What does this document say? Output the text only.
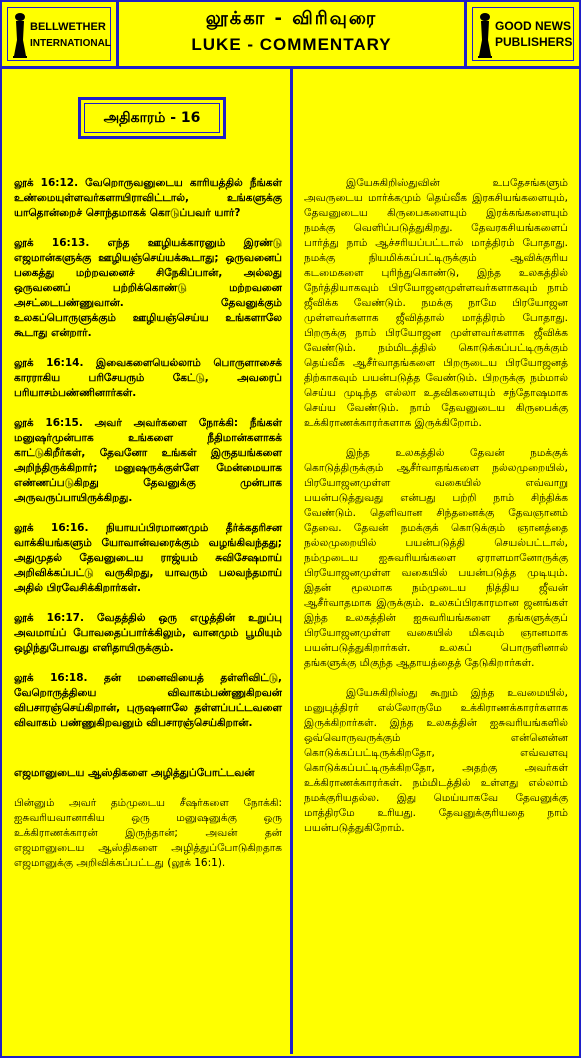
BELLWETHER
INTERNATIONAL
லூக்கா - விரிவுரை
LUKE - COMMENTARY
GOOD NEWS
PUBLISHERS
அதிகாரம் - 16

லூக் 16:12. வேறொருவனுடைய காரியத்தில் நீங்கள் உண்மையுள்ளவர்களாயிராவிட்டால், உங்களுக்கு யாதொன்றைச் சொந்தமாகக் கொடுப்பவர் யார்?

லூக் 16:13. எந்த ஊழியக்காரனும் இரண்டு எஜமான்களுக்கு ஊழியஞ்செய்யக்கூடாது; ஒருவனைப் பகைத்து மற்றவனைச் சிநேகிப்பான், அல்லது ஒருவனைப் பற்றிக்கொண்டு மற்றவனை அசட்டைபண்ணுவான். தேவனுக்கும் உலகப்பொருளுக்கும் ஊழியஞ்செய்ய உங்களாலே கூடாது என்றார்.

லூக் 16:14. இவைகளையெல்லாம் பொருளாசைக் காரராகிய பரிசேயரும் கேட்டு, அவரைப் பரியாசம்பண்ணினார்கள்.

லூக் 16:15. அவர் அவர்களை நோக்கி: நீங்கள் மனுஷர்முன்பாக உங்களை நீதிமான்களாகக் காட்டுகிறீர்கள், தேவனோ உங்கள் இருதயங்களை அறிந்திருக்கிறார்; மனுஷருக்குள்ளே மேன்மையாக எண்ணப்படுகிறது தேவனுக்கு முன்பாக அருவருப்பாயிருக்கிறது.

லூக் 16:16. நியாயப்பிரமாணமும் தீர்க்கதரிசன வாக்கியங்களும் யோவான்வரைக்கும் வழங்கிவந்தது; அதுமுதல் தேவனுடைய ராஜ்யம் சுவிசேஷமாய் அறிவிக்கப்பட்டு வருகிறது, யாவரும் பலவந்தமாய் அதில் பிரவேசிக்கிறார்கள்.

லூக் 16:17. வேதத்தில் ஒரு எழுத்தின் உறுப்பு அவமாய்ப் போவதைப்பார்க்கிலும், வானமும் பூமியும் ஒழிந்துபோவது எளிதாயிருக்கும்.

லூக் 16:18. தன் மனைவியைத் தள்ளிவிட்டு, வேறொருத்தியை விவாகம்பண்ணுகிறவன் விபசாரஞ்செய்கிறான், புருஷனாலே தள்ளப்பட்டவளை விவாகம் பண்ணுகிறவனும் விபசாரஞ்செய்கிறான்.

எஜமானுடைய ஆஸ்திகளை அழித்துப்போட்டவன்

பின்னும் அவர் தம்முடைய சீஷர்களை நோக்கி: ஐசுவரியவானாகிய ஒரு மனுஷனுக்கு ஒரு உக்கிராணக்காரன் இருந்தான்; அவன் தன் எஜமானுடைய ஆஸ்திகளை அழித்துப்போடுகிறதாக எஜமானுக்கு அறிவிக்கப்பட்டது (லூக் 16:1).

இயேசுகிறிஸ்துவின் உபதேசங்களும் அவருடைய மார்க்கமும் தெய்வீக இரகசியங்களையும், தேவனுடைய கிருபைகளையும் இரக்கங்களையும் நமக்கு வெளிப்படுத்துகிறது. தேவரகசியங்களைப் பார்த்து நாம் ஆச்சரியப்பட்டால் மாத்திரம் போதாது. நமக்கு நியமிக்கப்பட்டிருக்கும் ஆவிக்குரிய கடமைகளை புரிந்துகொண்டு, இந்த உலகத்தில் நேர்த்தியாகவும் பிரயோஜனமுள்ளவர்களாகவும் நாம் ஜீவிக்க வேண்டும். நமக்கு நாமே பிரயோஜன முள்ளவர்களாக ஜீவித்தால் மாத்திரம் போதாது. பிறருக்கு நாம் பிரயோஜன முள்ளவர்களாக ஜீவிக்க வேண்டும். நம்மிடத்தில் கொடுக்கப்பட்டிருக்கும் தெய்வீக ஆசீர்வாதங்களை பிறருடைய பிரயோஜனத் திற்காகவும் பயன்படுத்த வேண்டும். பிறருக்கு நம்மால் செய்ய முடிந்த எல்லா உதவிகளையும் சந்தோஷமாக செய்ய வேண்டும். நாம் தேவனுடைய கிருபைக்கு உக்கிராணக்காரர்களாக இருக்கிறோம்.

இந்த உலகத்தில் தேவன் நமக்குக் கொடுத்திருக்கும் ஆசீர்வாதங்களை நல்லமுறையில், பிரயோஜனமுள்ள வகையில் எவ்வாறு பயன்படுத்துவது என்பது பற்றி நாம் சிந்திக்க வேண்டும். தெளிவான சிந்தனைக்கு தேவஞானம் தேவை. தேவன் நமக்குக் கொடுக்கும் ஞானத்தை நல்லமுறையில் பயன்படுத்தி செயல்பட்டால், நம்முடைய ஐசுவரியங்களை ஏராளமானோருக்கு பிரயோஜனமுள்ள வகையில் பயன்படுத்த முடியும். இதன் மூலமாக நம்முடைய நித்திய ஜீவன் ஆசீர்வாதமாக இருக்கும். உலகப்பிரகாரமான ஜனங்கள் இந்த உலகத்தின் ஐசுவரியங்களை தங்களுக்குப் பிரயோஜனமுள்ள வகையில் மிகவும் ஞானமாக பயன்படுத்துகிறார்கள். உலகப் பொருளினால் தங்களுக்கு மிகுந்த ஆதாயத்தைத் தேடுகிறார்கள்.

இயேசுகிறிஸ்து கூறும் இந்த உவமையில், மனுபுத்திரர் எல்லோருமே உக்கிராணக்காரர்களாக இருக்கிறார்கள். இந்த உலகத்தின் ஐசுவரியங்களில் ஒவ்வொருவருக்கும் என்னென்ன கொடுக்கப்பட்டிருக்கிறதோ, எவ்வளவு கொடுக்கப்பட்டிருக்கிறதோ, அதற்கு அவர்கள் உக்கிராணக்காரர்கள். நம்மிடத்தில் உள்ளது எல்லாம் நமக்குரியதல்ல. இது மெய்யாகவே தேவனுக்கு மாத்திரமே உரியது. தேவனுக்குரியதை நாம் பயன்படுத்துகிறோம்.
